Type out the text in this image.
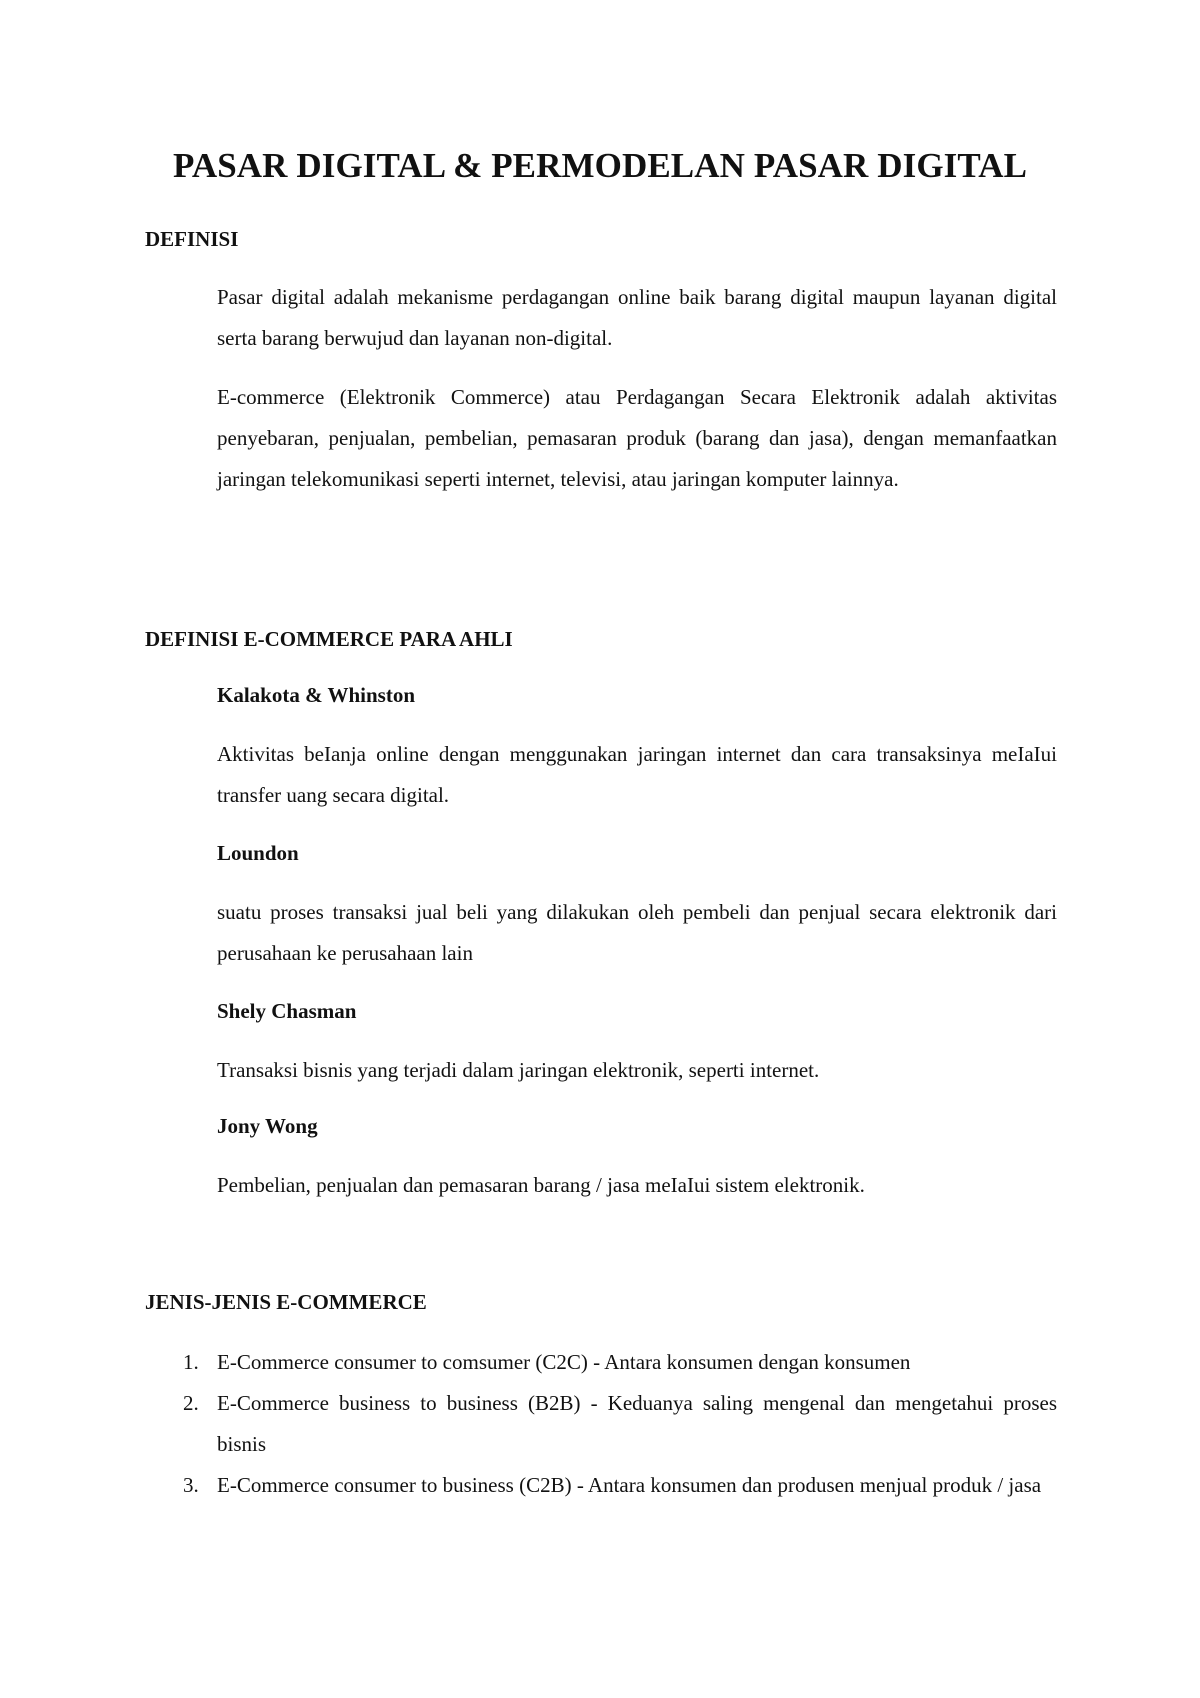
PASAR DIGITAL & PERMODELAN PASAR DIGITAL
DEFINISI

Pasar digital adalah mekanisme perdagangan online baik barang digital maupun layanan digital serta barang berwujud dan layanan non-digital.

E-commerce (Elektronik Commerce) atau Perdagangan Secara Elektronik adalah aktivitas penyebaran, penjualan, pembelian, pemasaran produk (barang dan jasa), dengan memanfaatkan jaringan telekomunikasi seperti internet, televisi, atau jaringan komputer lainnya.

DEFINISI E-COMMERCE PARA AHLI
Kalakota & Whinston

Aktivitas beIanja online dengan menggunakan jaringan internet dan cara transaksinya meIaIui transfer uang secara digital.

Loundon

suatu proses transaksi jual beli yang dilakukan oleh pembeli dan penjual secara elektronik dari perusahaan ke perusahaan lain

Shely Chasman

Transaksi bisnis yang terjadi dalam jaringan elektronik, seperti internet.

Jony Wong

Pembelian, penjualan dan pemasaran barang / jasa meIaIui sistem elektronik.

JENIS-JENIS E-COMMERCE
1. E-Commerce consumer to comsumer (C2C) - Antara konsumen dengan konsumen
2. E-Commerce business to business (B2B) - Keduanya saling mengenal dan mengetahui proses bisnis
3. E-Commerce consumer to business (C2B) - Antara konsumen dan produsen menjual produk / jasa
